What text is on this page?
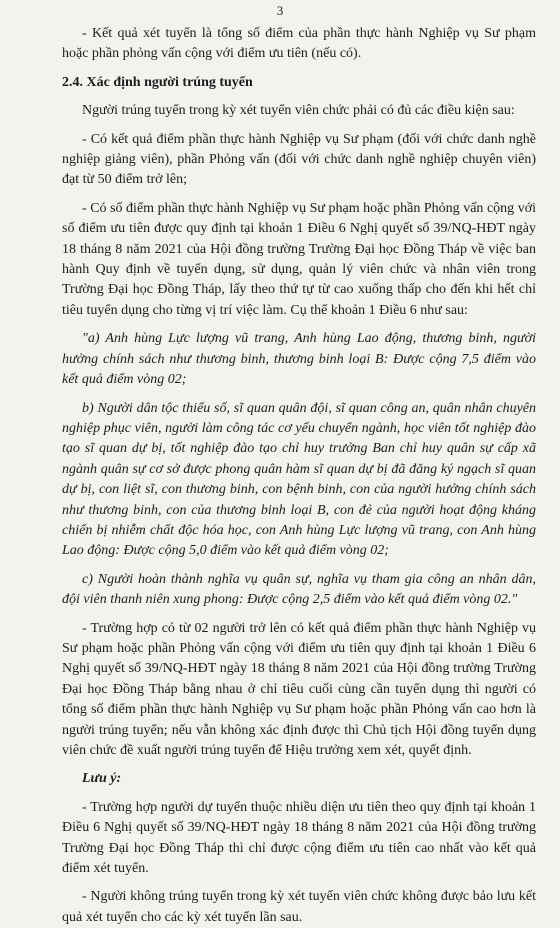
3

- Kết quả xét tuyển là tổng số điểm của phần thực hành Nghiệp vụ Sư phạm hoặc phần phỏng vấn cộng với điểm ưu tiên (nếu có).

2.4. Xác định người trúng tuyển

Người trúng tuyển trong kỳ xét tuyển viên chức phải có đủ các điều kiện sau:

- Có kết quả điểm phần thực hành Nghiệp vụ Sư phạm (đối với chức danh nghề nghiệp giảng viên), phần Phỏng vấn (đối với chức danh nghề nghiệp chuyên viên) đạt từ 50 điểm trở lên;

- Có số điểm phần thực hành Nghiệp vụ Sư phạm hoặc phần Phỏng vấn cộng với số điểm ưu tiên được quy định tại khoản 1 Điều 6 Nghị quyết số 39/NQ-HĐT ngày 18 tháng 8 năm 2021 của Hội đồng trường Trường Đại học Đồng Tháp về việc ban hành Quy định về tuyển dụng, sử dụng, quản lý viên chức và nhân viên trong Trường Đại học Đồng Tháp, lấy theo thứ tự từ cao xuống thấp cho đến khi hết chỉ tiêu tuyển dụng cho từng vị trí việc làm. Cụ thể khoản 1 Điều 6 như sau:

"a) Anh hùng Lực lượng vũ trang, Anh hùng Lao động, thương binh, người hưởng chính sách như thương binh, thương binh loại B: Được cộng 7,5 điểm vào kết quả điểm vòng 02;

b) Người dân tộc thiểu số, sĩ quan quân đội, sĩ quan công an, quân nhân chuyên nghiệp phục viên, người làm công tác cơ yếu chuyển ngành, học viên tốt nghiệp đào tạo sĩ quan dự bị, tốt nghiệp đào tạo chỉ huy trưởng Ban chỉ huy quân sự cấp xã ngành quân sự cơ sở được phong quân hàm sĩ quan dự bị đã đăng ký ngạch sĩ quan dự bị, con liệt sĩ, con thương binh, con bệnh binh, con của người hưởng chính sách như thương binh, con của thương binh loại B, con đẻ của người hoạt động kháng chiến bị nhiễm chất độc hóa học, con Anh hùng Lực lượng vũ trang, con Anh hùng Lao động: Được cộng 5,0 điểm vào kết quả điểm vòng 02;

c) Người hoàn thành nghĩa vụ quân sự, nghĩa vụ tham gia công an nhân dân, đội viên thanh niên xung phong: Được cộng 2,5 điểm vào kết quả điểm vòng 02."

- Trường hợp có từ 02 người trở lên có kết quả điểm phần thực hành Nghiệp vụ Sư phạm hoặc phần Phỏng vấn cộng với điểm ưu tiên quy định tại khoản 1 Điều 6 Nghị quyết số 39/NQ-HĐT ngày 18 tháng 8 năm 2021 của Hội đồng trường Trường Đại học Đồng Tháp bằng nhau ở chỉ tiêu cuối cùng cần tuyển dụng thì người có tổng số điểm phần thực hành Nghiệp vụ Sư phạm hoặc phần Phỏng vấn cao hơn là người trúng tuyển; nếu vẫn không xác định được thì Chủ tịch Hội đồng tuyển dụng viên chức đề xuất người trúng tuyển để Hiệu trưởng xem xét, quyết định.

Lưu ý:

- Trường hợp người dự tuyển thuộc nhiều diện ưu tiên theo quy định tại khoản 1 Điều 6 Nghị quyết số 39/NQ-HĐT ngày 18 tháng 8 năm 2021 của Hội đồng trường Trường Đại học Đồng Tháp thì chỉ được cộng điểm ưu tiên cao nhất vào kết quả điểm xét tuyển.

- Người không trúng tuyển trong kỳ xét tuyển viên chức không được bảo lưu kết quả xét tuyển cho các kỳ xét tuyển lần sau.
